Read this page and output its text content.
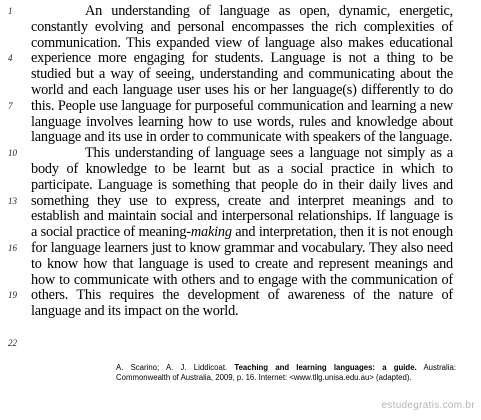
1
4
7
10
13
16
19
22

An understanding of language as open, dynamic, energetic, constantly evolving and personal encompasses the rich complexities of communication. This expanded view of language also makes educational experience more engaging for students. Language is not a thing to be studied but a way of seeing, understanding and communicating about the world and each language user uses his or her language(s) differently to do this. People use language for purposeful communication and learning a new language involves learning how to use words, rules and knowledge about language and its use in order to communicate with speakers of the language.

This understanding of language sees a language not simply as a body of knowledge to be learnt but as a social practice in which to participate. Language is something that people do in their daily lives and something they use to express, create and interpret meanings and to establish and maintain social and interpersonal relationships. If language is a social practice of meaning-making and interpretation, then it is not enough for language learners just to know grammar and vocabulary. They also need to know how that language is used to create and represent meanings and how to communicate with others and to engage with the communication of others. This requires the development of awareness of the nature of language and its impact on the world.

A. Scarino; A. J. Liddicoat. Teaching and learning languages: a guide. Australia: Commonwealth of Australia, 2009, p. 16. Internet: <www.tllg.unisa.edu.au> (adapted).
estudegratis.com.br
